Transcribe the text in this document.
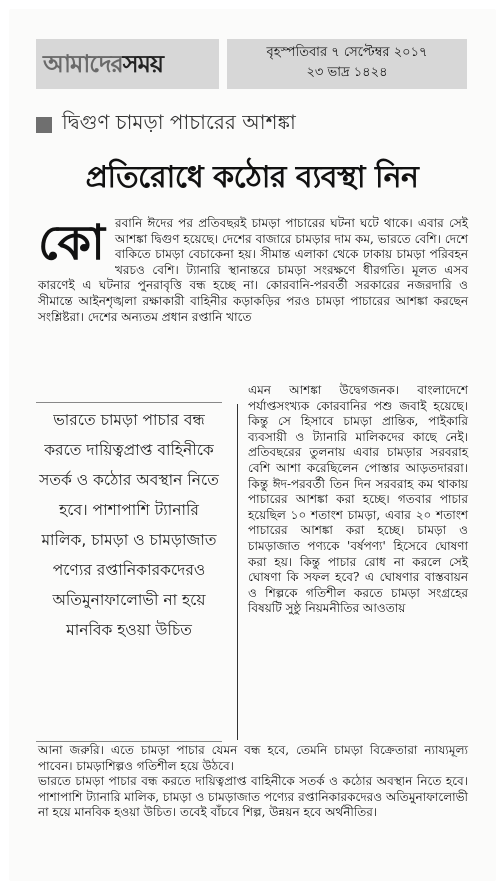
আমাদেরসময়	বৃহস্পতিবার ৭ সেপ্টেম্বর ২০১৭
২৩ ভাদ্র ১৪২৪
দ্বিগুণ চামড়া পাচারের আশঙ্কা
প্রতিরোধে কঠোর ব্যবস্থা নিন
কো রবানি ঈদের পর প্রতিবছরই চামড়া পাচারের ঘটনা ঘটে থাকে। এবার সেই আশঙ্কা দ্বিগুণ হয়েছে। দেশের বাজারে চামড়ার দাম কম, ভারতে বেশি। দেশে বাকিতে চামড়া বেচাকেনা হয়। সীমান্ত এলাকা থেকে ঢাকায় চামড়া পরিবহন খরচও বেশি। ট্যানারি স্থানান্তরে চামড়া সংরক্ষণে ধীরগতি। মূলত এসব কারণেই এ ঘটনার পুনরাবৃত্তি বন্ধ হচ্ছে না। কোরবানি-পরবর্তী সরকারের নজরদারি ও সীমান্তে আইনশৃঙ্খলা রক্ষাকারী বাহিনীর কড়াকড়ির পরও চামড়া পাচারের আশঙ্কা করছেন সংশ্লিষ্টরা। দেশের অন্যতম প্রধান রপ্তানি খাতে
ভারতে চামড়া পাচার বন্ধ করতে দায়িত্বপ্রাপ্ত বাহিনীকে সতর্ক ও কঠোর অবস্থান নিতে হবে। পাশাপাশি ট্যানারি মালিক, চামড়া ও চামড়াজাত পণ্যের রপ্তানিকারকদেরও অতিমুনাফালোভী না হয়ে মানবিক হওয়া উচিত

এমন আশঙ্কা উদ্বেগজনক। বাংলাদেশে পর্যাপ্তসংখ্যক কোরবানির পশু জবাই হয়েছে। কিন্তু সে হিসাবে চামড়া প্রান্তিক, পাইকারি ব্যবসায়ী ও ট্যানারি মালিকদের কাছে নেই। প্রতিবছরের তুলনায় এবার চামড়ার সরবরাহ বেশি আশা করেছিলেন পোস্তার আড়তদাররা। কিন্তু ঈদ-পরবর্তী তিন দিন সরবরাহ কম থাকায় পাচারের আশঙ্কা করা হচ্ছে। গতবার পাচার হয়েছিল ১০ শতাংশ চামড়া, এবার ২০ শতাংশ পাচারের আশঙ্কা করা হচ্ছে। চামড়া ও চামড়াজাত পণ্যকে 'বর্ষপণ্য' হিসেবে ঘোষণা করা হয়। কিন্তু পাচার রোধ না করলে সেই ঘোষণা কি সফল হবে? এ ঘোষণার বাস্তবায়ন ও শিল্পকে গতিশীল করতে চামড়া সংগ্রহের বিষয়টি সুষ্ঠু নিয়মনীতির আওতায়

আনা জরুরি। এতে চামড়া পাচার যেমন বন্ধ হবে, তেমনি চামড়া বিক্রেতারা ন্যায্যমূল্য পাবেন। চামড়াশিল্পও গতিশীল হয়ে উঠবে।

ভারতে চামড়া পাচার বন্ধ করতে দায়িত্বপ্রাপ্ত বাহিনীকে সতর্ক ও কঠোর অবস্থান নিতে হবে। পাশাপাশি ট্যানারি মালিক, চামড়া ও চামড়াজাত পণ্যের রপ্তানিকারকদেরও অতিমুনাফালোভী না হয়ে মানবিক হওয়া উচিত। তবেই বাঁচবে শিল্প, উন্নয়ন হবে অর্থনীতির।
